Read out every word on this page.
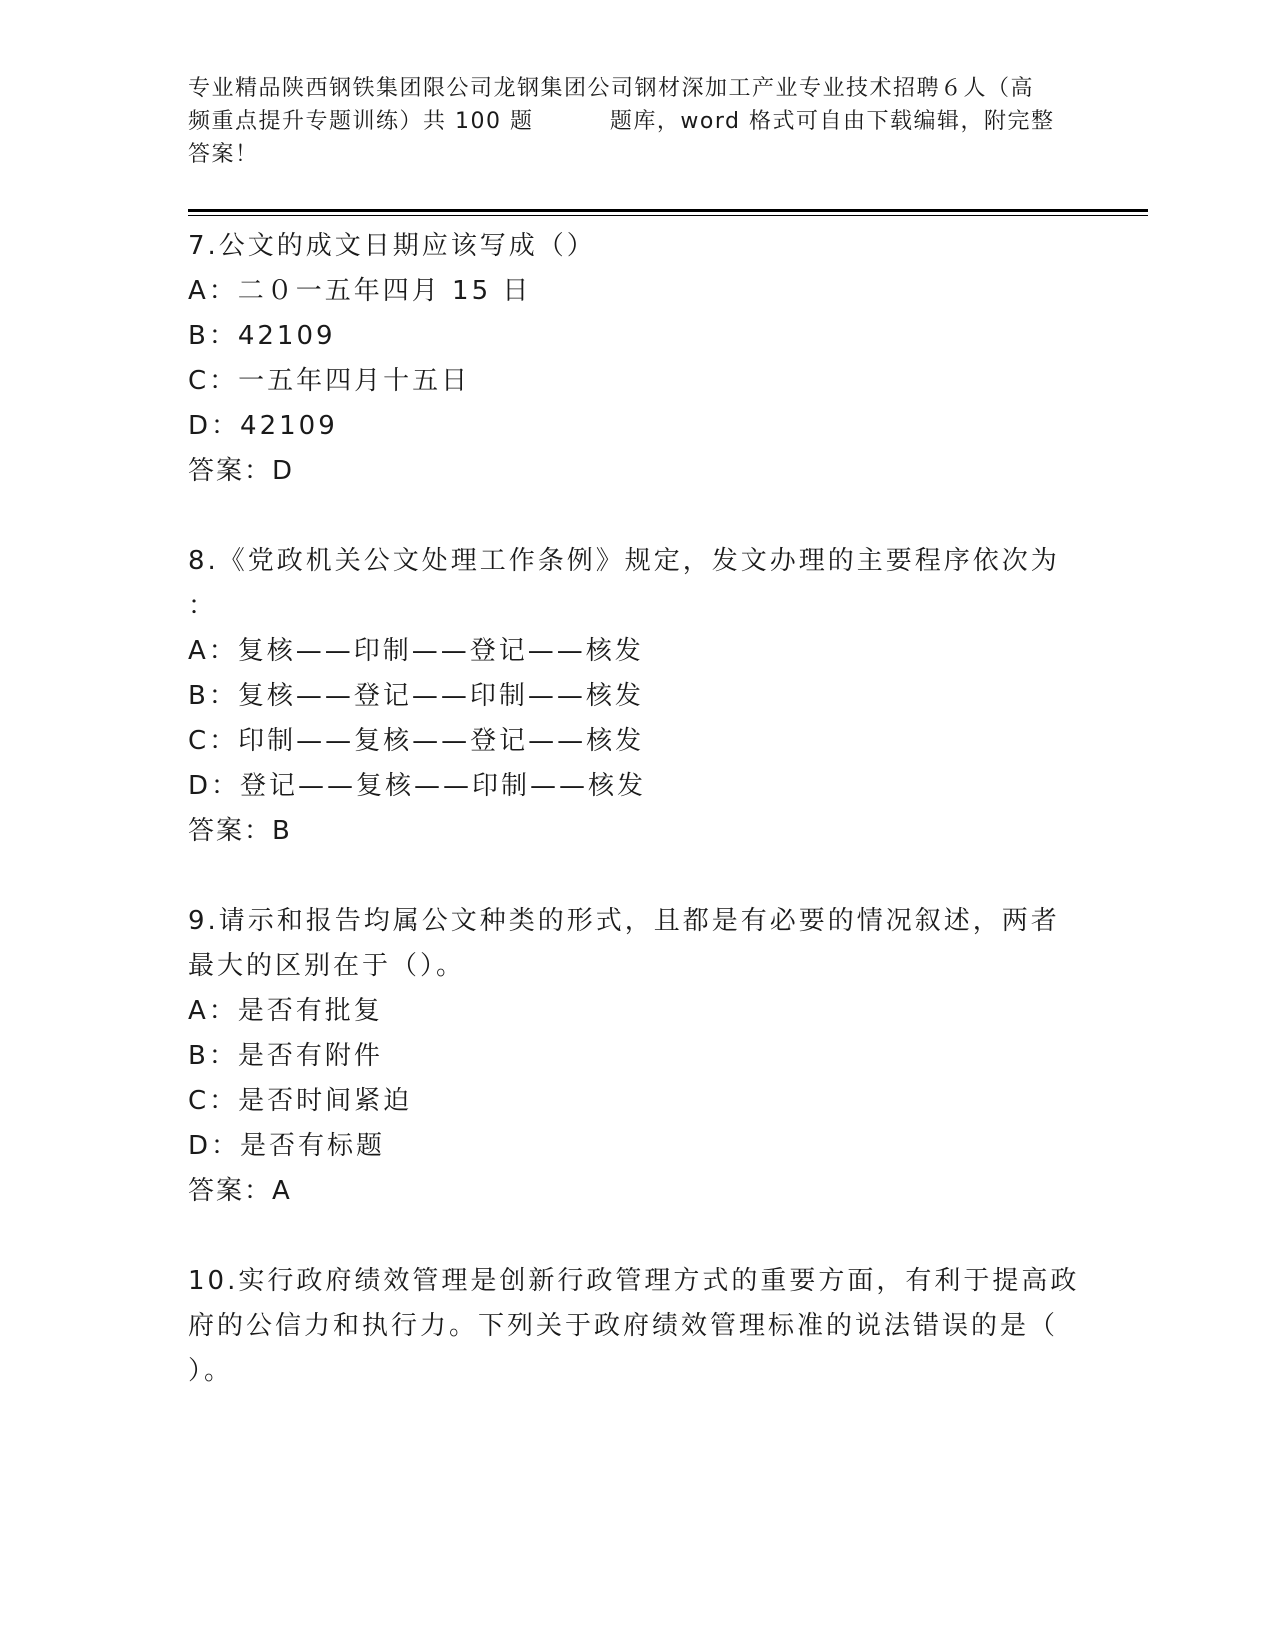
专业精品陕西钢铁集团限公司龙钢集团公司钢材深加工产业专业技术招聘６人（高
频重点提升专题训练）共 100 题         题库，word 格式可自由下载编辑，附完整
答案！
7.公文的成文日期应该写成（）
A：二０一五年四月 15 日
B：42109
C：一五年四月十五日
D：42109
答案：D
8.《党政机关公文处理工作条例》规定，发文办理的主要程序依次为
：
A：复核——印制——登记——核发
B：复核——登记——印制——核发
C：印制——复核——登记——核发
D：登记——复核——印制——核发
答案：B
9.请示和报告均属公文种类的形式，且都是有必要的情况叙述，两者
最大的区别在于（）。
A：是否有批复
B：是否有附件
C：是否时间紧迫
D：是否有标题
答案：A
10.实行政府绩效管理是创新行政管理方式的重要方面，有利于提高政
府的公信力和执行力。下列关于政府绩效管理标准的说法错误的是（
）。
